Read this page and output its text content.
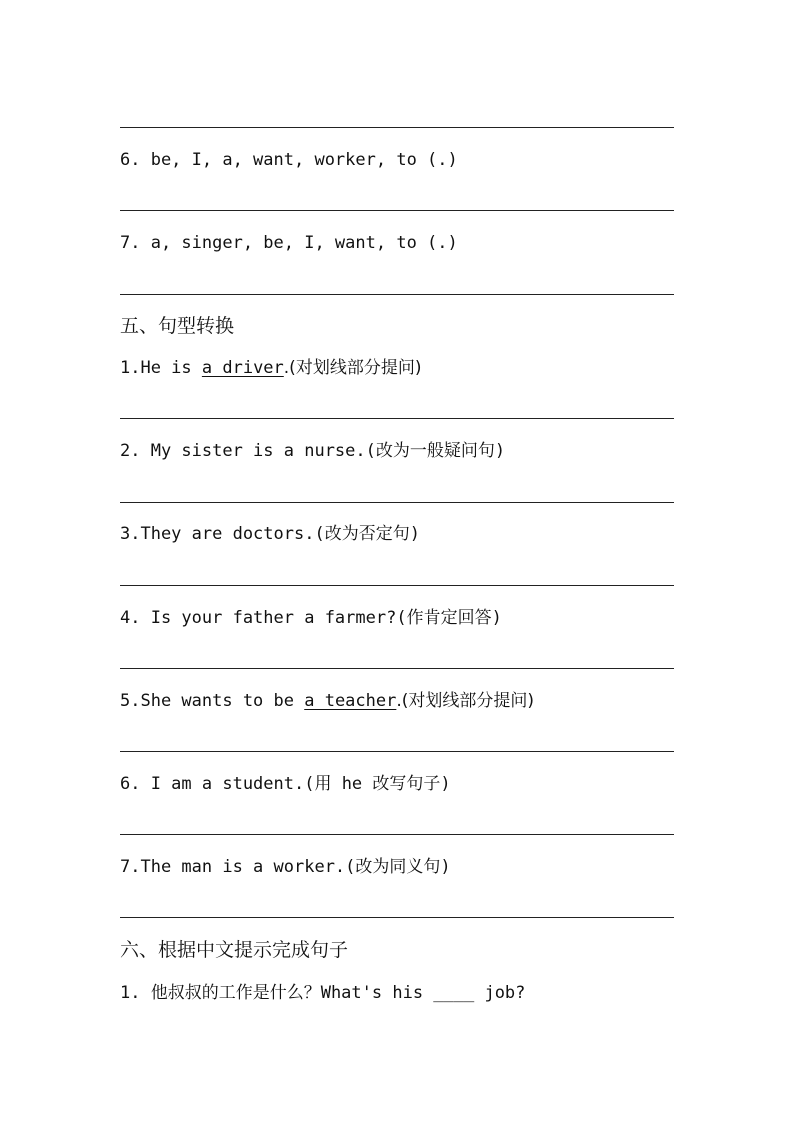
6. be, I, a, want, worker, to (.)
7. a, singer, be, I, want, to (.)
五、句型转换
1.He is a driver.(对划线部分提问)
2. My sister is a nurse.(改为一般疑问句)
3.They are doctors.(改为否定句)
4. Is your father a farmer?(作肯定回答)
5.She wants to be a teacher.(对划线部分提问)
6. I am a student.(用 he 改写句子)
7.The man is a worker.(改为同义句)
六、根据中文提示完成句子
1. 他叔叔的工作是什么？What's his ____ job?
